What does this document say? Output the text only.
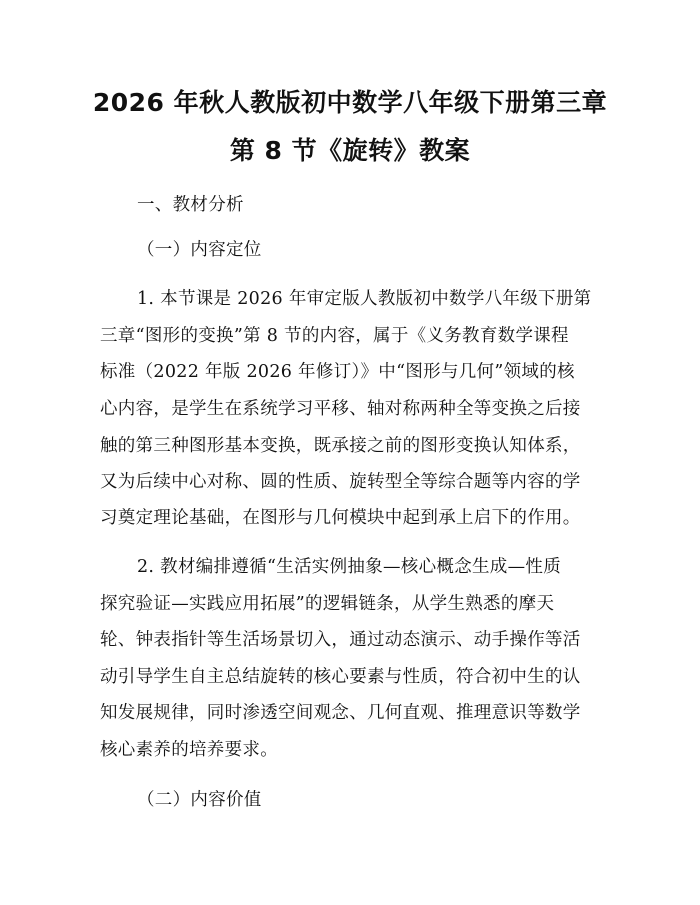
2026 年秋人教版初中数学八年级下册第三章
第 8 节《旋转》教案
一、教材分析
（一）内容定位
1. 本节课是 2026 年审定版人教版初中数学八年级下册第
三章“图形的变换”第 8 节的内容，属于《义务教育数学课程
标准（2022 年版 2026 年修订）》中“图形与几何”领域的核
心内容，是学生在系统学习平移、轴对称两种全等变换之后接
触的第三种图形基本变换，既承接之前的图形变换认知体系，
又为后续中心对称、圆的性质、旋转型全等综合题等内容的学
习奠定理论基础，在图形与几何模块中起到承上启下的作用。
2. 教材编排遵循“生活实例抽象—核心概念生成—性质
探究验证—实践应用拓展”的逻辑链条，从学生熟悉的摩天
轮、钟表指针等生活场景切入，通过动态演示、动手操作等活
动引导学生自主总结旋转的核心要素与性质，符合初中生的认
知发展规律，同时渗透空间观念、几何直观、推理意识等数学
核心素养的培养要求。
（二）内容价值
